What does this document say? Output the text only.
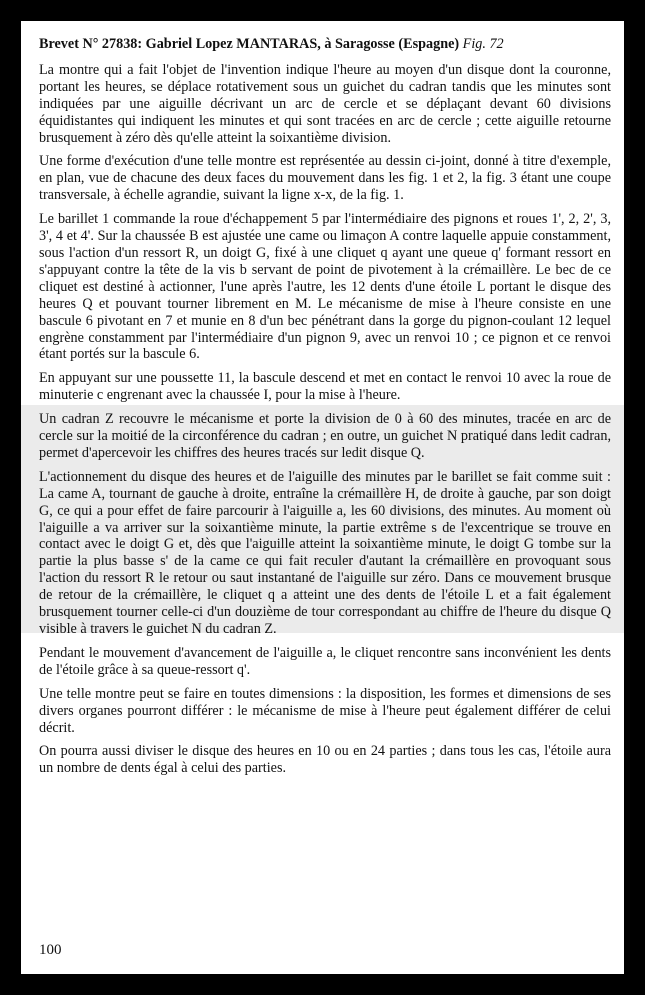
Brevet N° 27838: Gabriel Lopez MANTARAS, à Saragosse (Espagne) Fig. 72

La montre qui a fait l'objet de l'invention indique l'heure au moyen d'un disque dont la couronne, portant les heures, se déplace rotativement sous un guichet du cadran tandis que les minutes sont indiquées par une aiguille décrivant un arc de cercle et se déplaçant devant 60 divisions équidistantes qui indiquent les minutes et qui sont tracées en arc de cercle ; cette aiguille retourne brusquement à zéro dès qu'elle atteint la soixantième division.

Une forme d'exécution d'une telle montre est représentée au dessin ci-joint, donné à titre d'exemple, en plan, vue de chacune des deux faces du mouvement dans les fig. 1 et 2, la fig. 3 étant une coupe transversale, à échelle agrandie, suivant la ligne x-x, de la fig. 1.

Le barillet 1 commande la roue d'échappement 5 par l'intermédiaire des pignons et roues 1', 2, 2', 3, 3', 4 et 4'. Sur la chaussée B est ajustée une came ou limaçon A contre laquelle appuie constamment, sous l'action d'un ressort R, un doigt G, fixé à une cliquet q ayant une queue q' formant ressort en s'appuyant contre la tête de la vis b servant de point de pivotement à la crémaillère. Le bec de ce cliquet est destiné à actionner, l'une après l'autre, les 12 dents d'une étoile L portant le disque des heures Q et pouvant tourner librement en M. Le mécanisme de mise à l'heure consiste en une bascule 6 pivotant en 7 et munie en 8 d'un bec pénétrant dans la gorge du pignon-coulant 12 lequel engrène constamment par l'intermédiaire d'un pignon 9, avec un renvoi 10 ; ce pignon et ce renvoi étant portés sur la bascule 6.

En appuyant sur une poussette 11, la bascule descend et met en contact le renvoi 10 avec la roue de minuterie c engrenant avec la chaussée I, pour la mise à l'heure.

Un cadran Z recouvre le mécanisme et porte la division de 0 à 60 des minutes, tracée en arc de cercle sur la moitié de la circonférence du cadran ; en outre, un guichet N pratiqué dans ledit cadran, permet d'apercevoir les chiffres des heures tracés sur ledit disque Q.

L'actionnement du disque des heures et de l'aiguille des minutes par le barillet se fait comme suit : La came A, tournant de gauche à droite, entraîne la crémaillère H, de droite à gauche, par son doigt G, ce qui a pour effet de faire parcourir à l'aiguille a, les 60 divisions, des minutes. Au moment où l'aiguille a va arriver sur la soixantième minute, la partie extrême s de l'excentrique se trouve en contact avec le doigt G et, dès que l'aiguille atteint la soixantième minute, le doigt G tombe sur la partie la plus basse s' de la came ce qui fait reculer d'autant la crémaillère en provoquant sous l'action du ressort R le retour ou saut instantané de l'aiguille sur zéro. Dans ce mouvement brusque de retour de la crémaillère, le cliquet q a atteint une des dents de l'étoile L et a fait également brusquement tourner celle-ci d'un douzième de tour correspondant au chiffre de l'heure du disque Q visible à travers le guichet N du cadran Z.

Pendant le mouvement d'avancement de l'aiguille a, le cliquet rencontre sans inconvénient les dents de l'étoile grâce à sa queue-ressort q'.

Une telle montre peut se faire en toutes dimensions : la disposition, les formes et dimensions de ses divers organes pourront différer : le mécanisme de mise à l'heure peut également différer de celui décrit.

On pourra aussi diviser le disque des heures en 10 ou en 24 parties ; dans tous les cas, l'étoile aura un nombre de dents égal à celui des parties.

100
